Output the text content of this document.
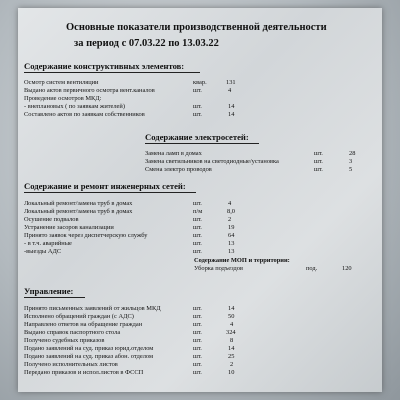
Основные показатели производственной деятельности
за период с 07.03.22 по 13.03.22
Содержание конструктивных элементов:
Осмотр систем вентиляции	квар.	131
Выдано актов первичного осмотра вент.каналов	шт.	4
Проведение осмотров МКД:
- внеплановых ( по заявкам жителей)	шт.	14
Составлено актов по заявкам собственников	шт.	14
Содержание электросетей:
Замена ламп в домах	шт.	28
Замена светильников на светодиодные/установка	шт.	3
Смена электро проводов	шт.	5
Содержание и ремонт инженерных сетей:
Локальный ремонт/замена труб в домах	шт.	4
Локальный ремонт/замена труб в домах	п/м	8,0
Осушение подвалов	шт.	2
Устранение засоров канализации	шт.	19
Принято заявок через диспетчерскую службу	шт.	64
- в т.ч. аварийные	шт.	13
-выезды АДС	шт.	13
Содержание МОП и территории:
Уборка подъездов	под.	120
Управление:
Принято письменных заявлений от жильцов МКД	шт.	14
Исполнено обращений граждан (с АДС)	шт.	50
Направлено ответов на обращение граждан	шт.	4
Выдано справок паспортного стола	шт.	324
Получено судебных приказов	шт.	8
Подано заявлений на суд. приказ юрид.отделом	шт.	14
Подано заявлений на суд. приказ абон. отделом	шт.	25
Получено исполнительных листов	шт.	2
Передано приказов и испол.листов в ФССП	шт.	10
